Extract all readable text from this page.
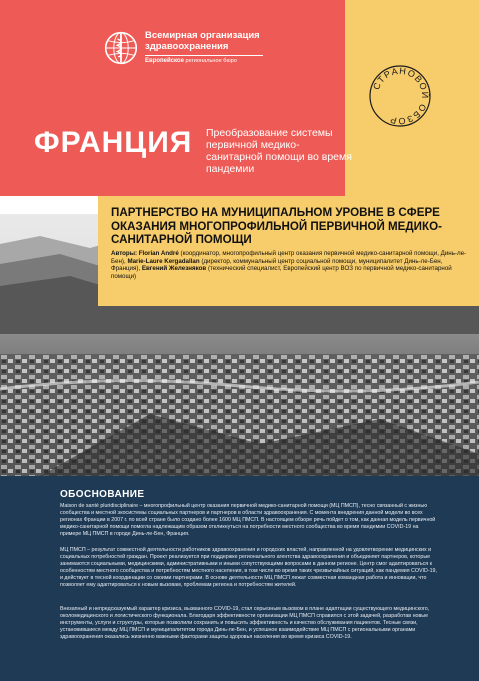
Всемирная организация
здравоохранения
Европейское региональное бюро
СТРАНОВОЙ ОБЗОР
ФРАНЦИЯ Преобразование системы первичной медико-санитарной помощи во время пандемии
ПАРТНЕРСТВО НА МУНИЦИПАЛЬНОМ УРОВНЕ В СФЕРЕ ОКАЗАНИЯ МНОГОПРОФИЛЬНОЙ ПЕРВИЧНОЙ МЕДИКО-САНИТАРНОЙ ПОМОЩИ
Авторы: Florian André (координатор, многопрофильный центр оказания первичной медико-санитарной помощи, Динь-ле-Бен), Marie-Laure Kergadallan (директор, коммунальный центр социальной помощи, муниципалитет Динь-ле-Бен, Франция), Евгений Железняков (технический специалист, Европейский центр ВОЗ по первичной медико-санитарной помощи)
ОБОСНОВАНИЕ

Maison de santé pluridisciplinaire – многопрофильный центр оказания первичной медико-санитарной помощи (МЦ ПМСП), тесно связанный с жизнью сообщества и местной экосистемы социальных партнеров и партнеров в области здравоохранения. С момента внедрения данной модели во всех регионах Франции в 2007 г. по всей стране было создано более 1600 МЦ ПМСП. В настоящем обзоре речь пойдет о том, как данная модель первичной медико-санитарной помощи помогла надлежащим образом откликнуться на потребности местного сообщества во время пандемии COVID-19 на примере МЦ ПМСП в городе Динь-ле-Бен, Франция.

МЦ ПМСП – результат совместной деятельности работников здравоохранения и городских властей, направленной на удовлетворение медицинских и социальных потребностей граждан. Проект реализуется при поддержке регионального агентства здравоохранения и объединяет партнеров, которые занимаются социальными, медицинскими, административными и иными сопутствующими вопросами в данном регионе. Центр смог адаптироваться к особенностям местного сообщества и потребностям местного населения, в том числе во время таких чрезвычайных ситуаций, как пандемия COVID-19, и действует в тесной координации со своими партнерами. В основе деятельности МЦ ПМСП лежат совместная командная работа и инновации, что позволяет ему адаптироваться к новым вызовам, проблемам региона и потребностям жителей.

Внезапный и непредсказуемый характер кризиса, вызванного COVID-19, стал серьезным вызовом в плане адаптации существующего медицинского, околомедицинского и логистического функционала. Благодаря эффективности организации МЦ ПМСП справился с этой задачей, разработав новые инструменты, услуги и структуры, которые позволили сохранить и повысить эффективность и качество обслуживания пациентов. Тесные связи, установившиеся между МЦ ПМСП и муниципалитетом города Динь-ле-Бен, и успешное взаимодействие МЦ ПМСП с региональными органами здравоохранения оказались жизненно важными факторами защиты здоровья населения во время кризиса COVID-19.
